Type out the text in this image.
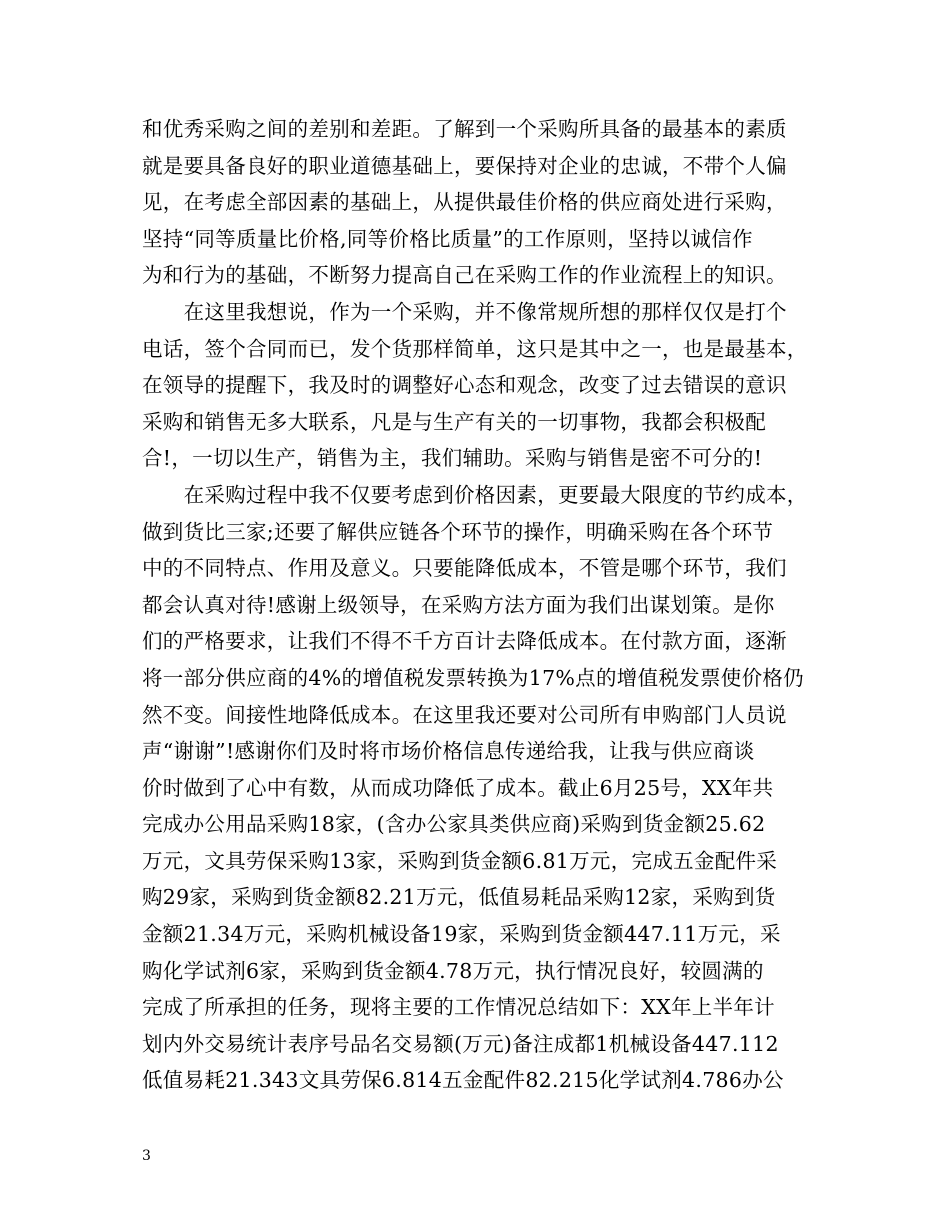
和优秀采购之间的差别和差距。了解到一个采购所具备的最基本的素质
就是要具备良好的职业道德基础上，要保持对企业的忠诚，不带个人偏
见，在考虑全部因素的基础上，从提供最佳价格的供应商处进行采购，
坚持“同等质量比价格,同等价格比质量”的工作原则，坚持以诚信作
为和行为的基础，不断努力提高自己在采购工作的作业流程上的知识。
　　在这里我想说，作为一个采购，并不像常规所想的那样仅仅是打个
电话，签个合同而已，发个货那样简单，这只是其中之一，也是最基本，
在领导的提醒下，我及时的调整好心态和观念，改变了过去错误的意识
采购和销售无多大联系，凡是与生产有关的一切事物，我都会积极配
合!，一切以生产，销售为主，我们辅助。采购与销售是密不可分的!
　　在采购过程中我不仅要考虑到价格因素，更要最大限度的节约成本，
做到货比三家;还要了解供应链各个环节的操作，明确采购在各个环节
中的不同特点、作用及意义。只要能降低成本，不管是哪个环节，我们
都会认真对待!感谢上级领导，在采购方法方面为我们出谋划策。是你
们的严格要求，让我们不得不千方百计去降低成本。在付款方面，逐渐
将一部分供应商的4%的增值税发票转换为17%点的增值税发票使价格仍
然不变。间接性地降低成本。在这里我还要对公司所有申购部门人员说
声“谢谢”!感谢你们及时将市场价格信息传递给我，让我与供应商谈
价时做到了心中有数，从而成功降低了成本。截止6月25号，XX年共
完成办公用品采购18家，(含办公家具类供应商)采购到货金额25.62
万元，文具劳保采购13家，采购到货金额6.81万元，完成五金配件采
购29家，采购到货金额82.21万元，低值易耗品采购12家，采购到货
金额21.34万元，采购机械设备19家，采购到货金额447.11万元，采
购化学试剂6家，采购到货金额4.78万元，执行情况良好，较圆满的
完成了所承担的任务，现将主要的工作情况总结如下：XX年上半年计
划内外交易统计表序号品名交易额(万元)备注成都1机械设备447.112
低值易耗21.343文具劳保6.814五金配件82.215化学试剂4.786办公
3
